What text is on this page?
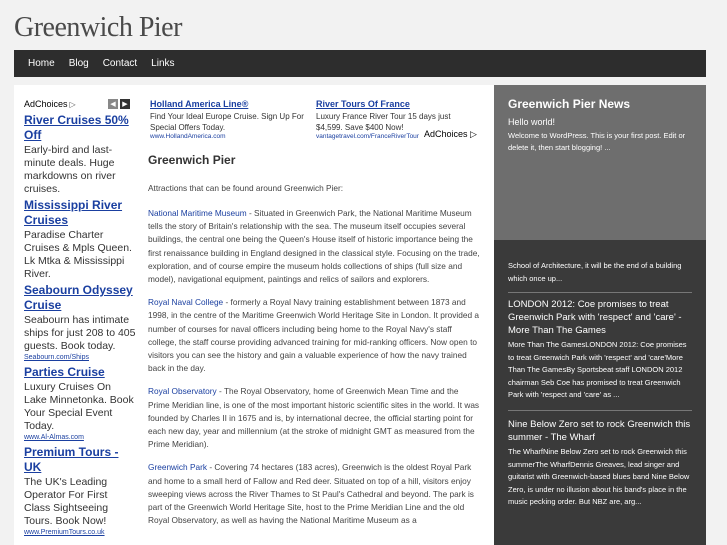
Greenwich Pier
Home Blog Contact Links
AdChoices ▷	◀ ▶
River Cruises 50% Off
Early-bird and last-minute deals. Huge markdowns on river cruises.
Mississippi River Cruises
Paradise Charter Cruises & Mpls Queen. Lk Mtka & Mississippi River.
Seabourn Odyssey Cruise
Seabourn has intimate ships for just 208 to 405 guests. Book today.
Seabourn.com/Ships
Parties Cruise
Luxury Cruises On Lake Minnetonka. Book Your Special Event Today.
www.Al-Almas.com
Premium Tours - UK
The UK's Leading Operator For First Class Sightseeing Tours. Book Now!
www.PremiumTours.co.uk
Holland America Line®
Find Your Ideal Europe Cruise. Sign Up For Special Offers Today.
www.HollandAmerica.com
River Tours Of France
Luxury France River Tour 15 days just $4,599. Save $400 Now!
vantagetravel.com/FranceRiverTour AdChoices ▷
Greenwich Pier
Attractions that can be found around Greenwich Pier:

National Maritime Museum - Situated in Greenwich Park, the National Maritime Museum tells the story of Britain's relationship with the sea. The museum itself occupies several buildings, the central one being the Queen's House itself of historic importance being the first renaissance building in England designed in the classical style. Focusing on the trade, exploration, and of course empire the museum holds collections of ships (full size and model), navigational equipment, paintings and relics of sailors and explorers.

Royal Naval College - formerly a Royal Navy training establishment between 1873 and 1998, in the centre of the Maritime Greenwich World Heritage Site in London. It provided a number of courses for naval officers including being home to the Royal Navy's staff college, the staff course providing advanced training for mid-ranking officers. Now open to visitors you can see the history and gain a valuable experience of how the navy trained back in the day.

Royal Observatory - The Royal Observatory, home of Greenwich Mean Time and the Prime Meridian line, is one of the most important historic scientific sites in the world. It was founded by Charles II in 1675 and is, by international decree, the official starting point for each new day, year and millennium (at the stroke of midnight GMT as measured from the Prime Meridian).

Greenwich Park - Covering 74 hectares (183 acres), Greenwich is the oldest Royal Park and home to a small herd of Fallow and Red deer. Situated on top of a hill, visitors enjoy sweeping views across the River Thames to St Paul's Cathedral and beyond. The park is part of the Greenwich World Heritage Site, host to the Prime Meridian Line and the old Royal Observatory, as well as having the National Maritime Museum as a

Greenwich Pier News
Hello world!
Welcome to WordPress. This is your first post. Edit or delete it, then start blogging! ...
School of Architecture, it will be the end of a building which once up...
LONDON 2012: Coe promises to treat Greenwich Park with 'respect' and 'care' - More Than The Games
More Than The GamesLONDON 2012: Coe promises to treat Greenwich Park with 'respect' and 'care'More Than The GamesBy Sportsbeat staff LONDON 2012 chairman Seb Coe has promised to treat Greenwich Park with 'respect and 'care' as ...
Nine Below Zero set to rock Greenwich this summer - The Wharf
The WharfNine Below Zero set to rock Greenwich this summerThe WharfDennis Greaves, lead singer and guitarist with Greenwich-based blues band Nine Below Zero, is under no illusion about his band's place in the music pecking order. But NBZ are, arg...
